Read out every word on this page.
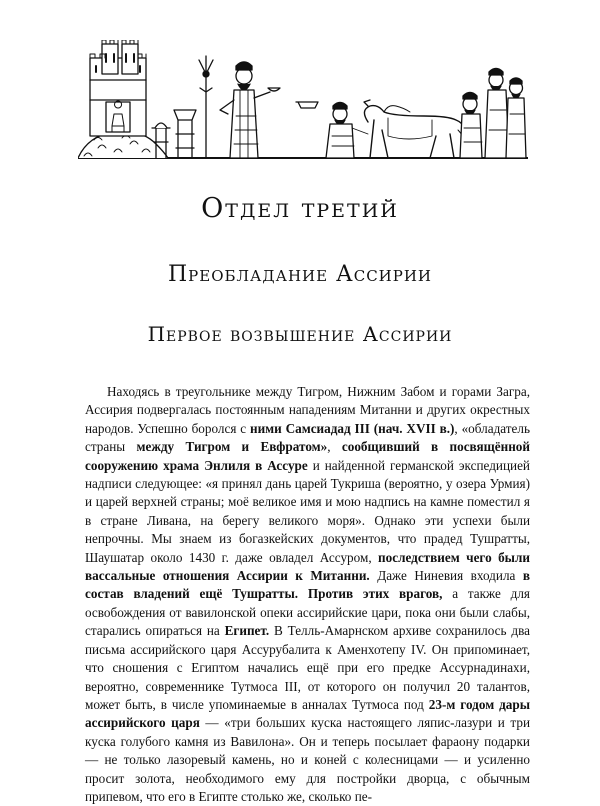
Отдел третий
Преобладание Ассирии
Первое возвышение Ассирии

Находясь в треугольнике между Тигром, Нижним Забом и горами Загра, Ассирия подвергалась постоянным нападениям Митанни и других окрестных народов. Успешно боролся с ними Самсиадад III (нач. XVII в.), «обладатель страны между Тигром и Евфратом», сообщивший в посвящённой сооружению храма Энлиля в Ассуре и найденной германской экспедицией надписи следующее: «я принял дань царей Тукриша (вероятно, у озера Урмия) и царей верхней страны; моё великое имя и мою надпись на камне поместил я в стране Ливана, на берегу великого моря». Однако эти успехи были непрочны. Мы знаем из богазкейских документов, что прадед Тушратты, Шаушатар около 1430 г. даже овладел Ассуром, последствием чего были вассальные отношения Ассирии к Митанни. Даже Ниневия входила в состав владений ещё Тушратты. Против этих врагов, а также для освобождения от вавилонской опеки ассирийские цари, пока они были слабы, старались опираться на Египет. В Телль-Амарнском архиве сохранилось два письма ассирийского царя Ассурубалита к Аменхотепу IV. Он припоминает, что сношения с Египтом начались ещё при его предке Ассурнадинахи, вероятно, современнике Тутмоса III, от которого он получил 20 талантов, может быть, в числе упоминаемые в анналах Тутмоса под 23-м годом дары ассирийского царя — «три больших куска настоящего ляпис-лазури и три куска голубого камня из Вавилона». Он и теперь посылает фараону подарки — не только лазоревый камень, но и коней с колесницами — и усиленно просит золота, необходимого ему для постройки дворца, с обычным припевом, что его в Египте столько же, сколько пе-
